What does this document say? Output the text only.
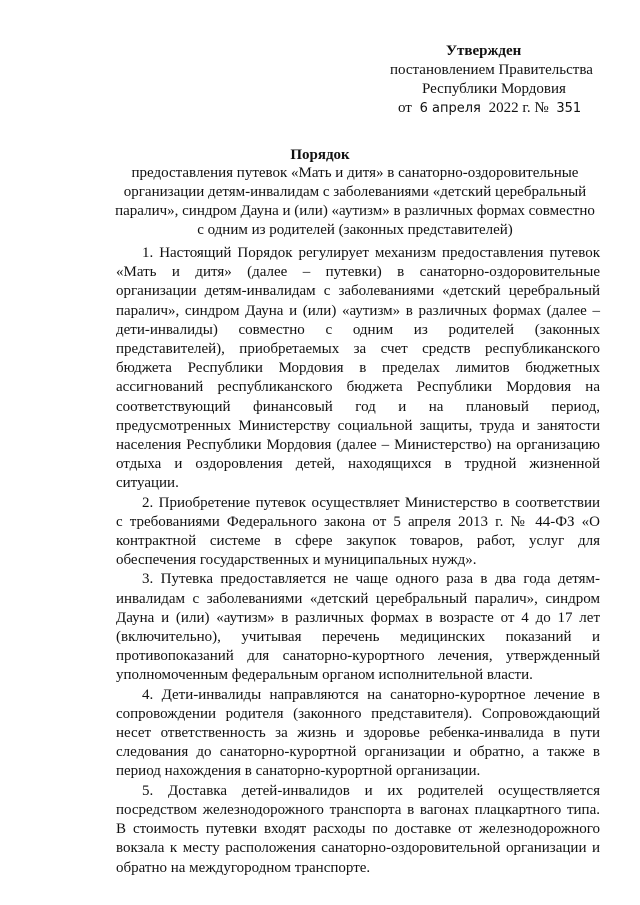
Утвержден
постановлением Правительства
Республики Мордовия
от 6 апреля 2022 г. № 351
Порядок
предоставления путевок «Мать и дитя» в санаторно-оздоровительные организации детям-инвалидам с заболеваниями «детский церебральный паралич», синдром Дауна и (или) «аутизм» в различных формах совместно с одним из родителей (законных представителей)

1. Настоящий Порядок регулирует механизм предоставления путевок «Мать и дитя» (далее – путевки) в санаторно-оздоровительные организации детям-инвалидам с заболеваниями «детский церебральный паралич», синдром Дауна и (или) «аутизм» в различных формах (далее – дети-инвалиды) совместно с одним из родителей (законных представителей), приобретаемых за счет средств республиканского бюджета Республики Мордовия в пределах лимитов бюджетных ассигнований республиканского бюджета Республики Мордовия на соответствующий финансовый год и на плановый период, предусмотренных Министерству социальной защиты, труда и занятости населения Республики Мордовия (далее – Министерство) на организацию отдыха и оздоровления детей, находящихся в трудной жизненной ситуации.

2. Приобретение путевок осуществляет Министерство в соответствии с требованиями Федерального закона от 5 апреля 2013 г. № 44-ФЗ «О контрактной системе в сфере закупок товаров, работ, услуг для обеспечения государственных и муниципальных нужд».

3. Путевка предоставляется не чаще одного раза в два года детям-инвалидам с заболеваниями «детский церебральный паралич», синдром Дауна и (или) «аутизм» в различных формах в возрасте от 4 до 17 лет (включительно), учитывая перечень медицинских показаний и противопоказаний для санаторно-курортного лечения, утвержденный уполномоченным федеральным органом исполнительной власти.

4. Дети-инвалиды направляются на санаторно-курортное лечение в сопровождении родителя (законного представителя). Сопровождающий несет ответственность за жизнь и здоровье ребенка-инвалида в пути следования до санаторно-курортной организации и обратно, а также в период нахождения в санаторно-курортной организации.

5. Доставка детей-инвалидов и их родителей осуществляется посредством железнодорожного транспорта в вагонах плацкартного типа. В стоимость путевки входят расходы по доставке от железнодорожного вокзала к месту расположения санаторно-оздоровительной организации и обратно на междугородном транспорте.
